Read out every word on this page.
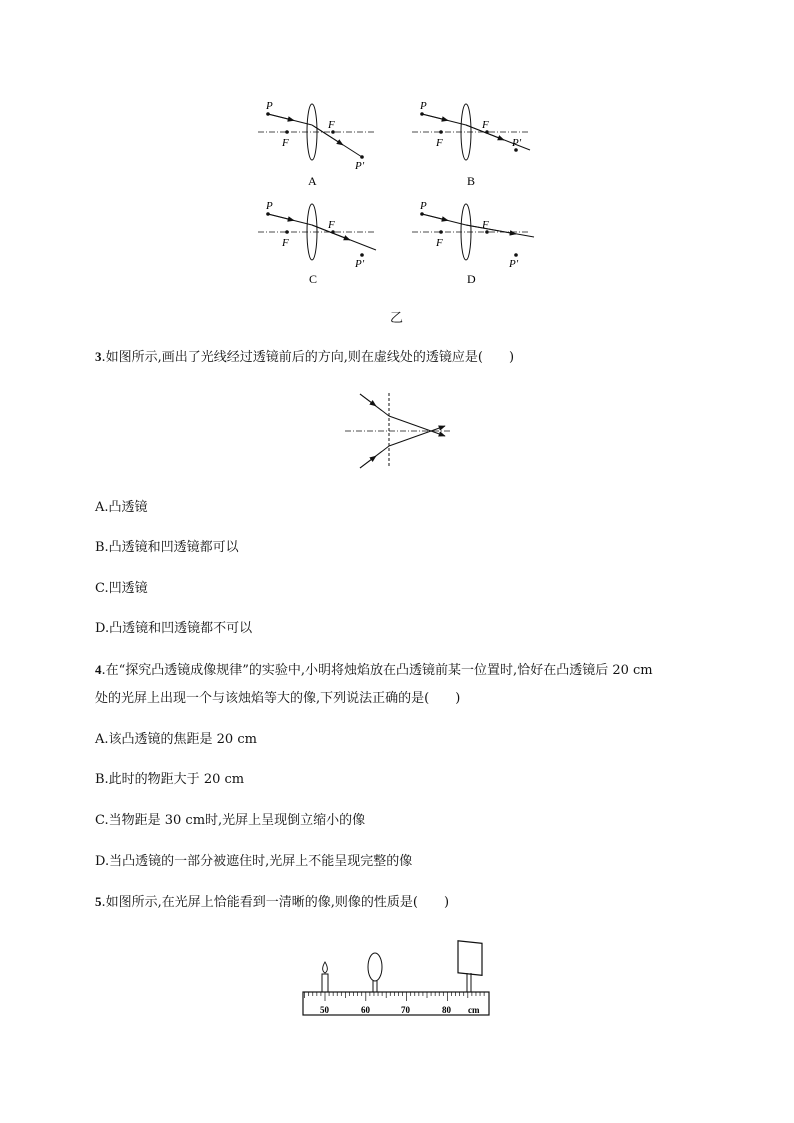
P
F
F
P′
A
P
F
F
P′
B
P
F
F
P′
C
P
F
F
P′
D
乙
3.如图所示,画出了光线经过透镜前后的方向,则在虚线处的透镜应是(　　)
A.凸透镜
B.凸透镜和凹透镜都可以
C.凹透镜
D.凸透镜和凹透镜都不可以
4.在“探究凸透镜成像规律”的实验中,小明将烛焰放在凸透镜前某一位置时,恰好在凸透镜后 20 cm
处的光屏上出现一个与该烛焰等大的像,下列说法正确的是(　　)
A.该凸透镜的焦距是 20 cm
B.此时的物距大于 20 cm
C.当物距是 30 cm时,光屏上呈现倒立缩小的像
D.当凸透镜的一部分被遮住时,光屏上不能呈现完整的像
5.如图所示,在光屏上恰能看到一清晰的像,则像的性质是(　　)
50	60	70	80 cm
